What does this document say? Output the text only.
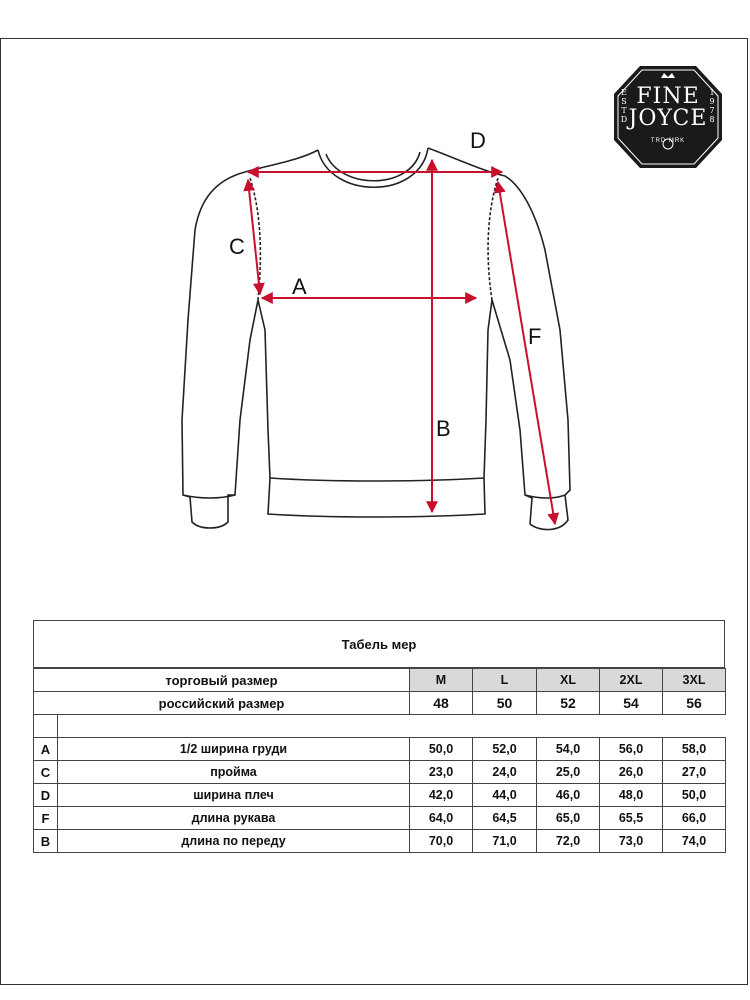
D
C
A
F
B
FINE
JOYCE
E
S
T
D
1
9
7
8
TRD MRK
Табель мер
торговый размер		M	L	XL	2XL	3XL
российский размер		48	50	52	54	56

A	1/2 ширина груди	50,0	52,0	54,0	56,0	58,0
C	пройма	23,0	24,0	25,0	26,0	27,0
D	ширина плеч	42,0	44,0	46,0	48,0	50,0
F	длина рукава	64,0	64,5	65,0	65,5	66,0
B	длина по переду	70,0	71,0	72,0	73,0	74,0
